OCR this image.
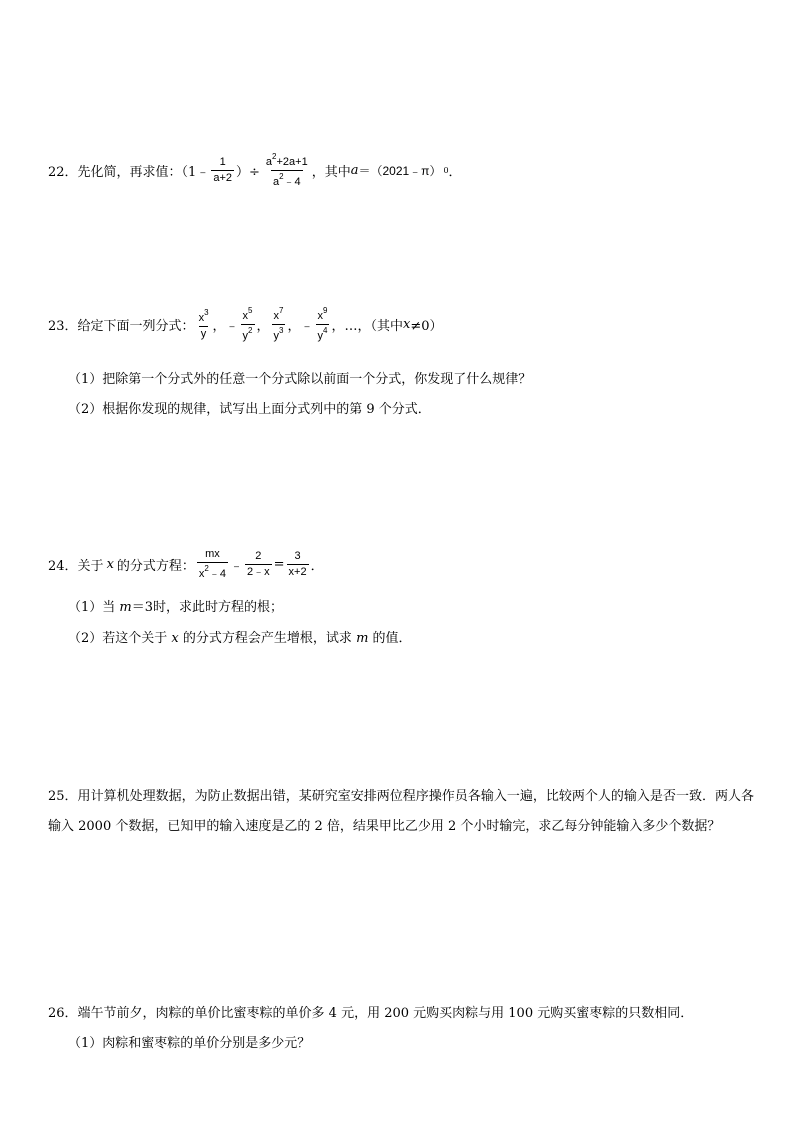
22． 先化简，再求值：（1﹣ $\frac{1}{a+2}$ ）÷ $\frac{a^2+2a+1}{a^2﹣4}$ ，其中 a ＝（2021﹣π） 0 ．
23． 给定下面一列分式： $\frac{x^3}{y}$ ， ﹣ $\frac{x^5}{y^2}$ ， $\frac{x^7}{y^3}$ ， ﹣ $\frac{x^9}{y^4}$ ，…，（其中 x ≠0）
（1）把除第一个分式外的任意一个分式除以前面一个分式，你发现了什么规律？
（2）根据你发现的规律，试写出上面分式列中的第 9 个分式．
24． 关于 x 的分式方程： $\frac{mx}{x^2﹣4}$ ﹣ $\frac{2}{2﹣x} = \frac{3}{x+2}$ ．
（1）当 m＝3时，求此时方程的根；
（2）若这个关于 x 的分式方程会产生增根，试求 m 的值．
25．用计算机处理数据，为防止数据出错，某研究室安排两位程序操作员各输入一遍，比较两个人的输入是否一致．两人各输入 2000 个数据，已知甲的输入速度是乙的 2 倍，结果甲比乙少用 2 个小时输完，求乙每分钟能输入多少个数据？
26．端午节前夕，肉粽的单价比蜜枣粽的单价多 4 元，用 200 元购买肉粽与用 100 元购买蜜枣粽的只数相同．
（1）肉粽和蜜枣粽的单价分别是多少元？
